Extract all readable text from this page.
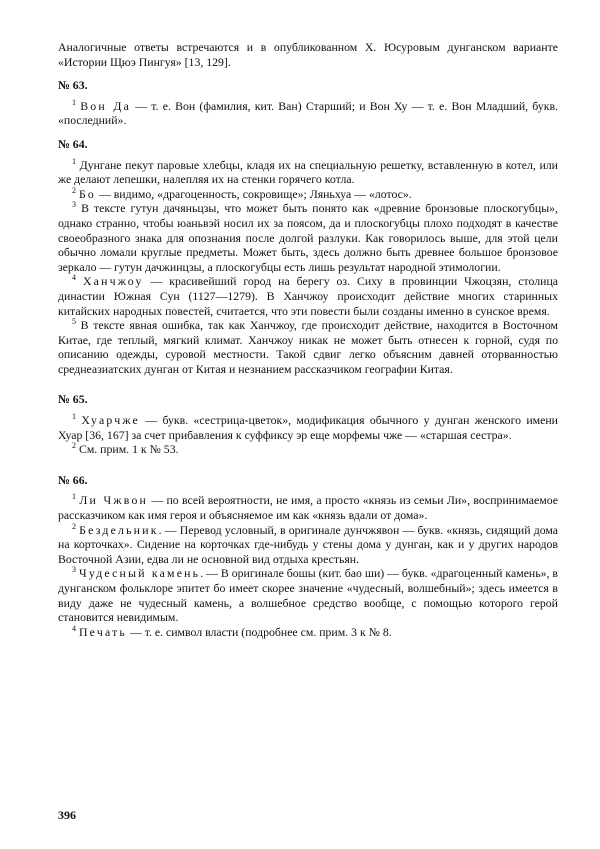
Аналогичные ответы встречаются и в опубликованном Х. Юсуровым дунганском варианте «Истории Щюэ Пингуя» [13, 129].

№ 63.

$^1$ Вон Да — т. е. Вон (фамилия, кит. Ван) Старший; и Вон Ху — т. е. Вон Младший, букв. «последний».

№ 64.

$^1$ Дунгане пекут паровые хлебцы, кладя их на специальную решетку, вставленную в котел, или же делают лепешки, налепляя их на стенки горячего котла.

$^2$ Бо — видимо, «драгоценность, сокровище»; Ляньхуа — «лотос».

$^3$ В тексте гутун дачяньцзы, что может быть понято как «древние бронзовые плоскогубцы», однако странно, чтобы юаньвэй носил их за поясом, да и плоскогубцы плохо подходят в качестве своеобразного знака для опознания после долгой разлуки. Как говорилось выше, для этой цели обычно ломали круглые предметы. Может быть, здесь должно быть древнее большое бронзовое зеркало — гутун дачжинцзы, а плоскогубцы есть лишь результат народной этимологии.

$^4$ Ханчжоу — красивейший город на берегу оз. Сиху в провинции Чжоцзян, столица династии Южная Сун (1127—1279). В Ханчжоу происходит действие многих старинных китайских народных повестей, считается, что эти повести были созданы именно в сунское время.

$^5$ В тексте явная ошибка, так как Ханчжоу, где происходит действие, находится в Восточном Китае, где теплый, мягкий климат. Ханчжоу никак не может быть отнесен к горной, судя по описанию одежды, суровой местности. Такой сдвиг легко объясним давней оторванностью среднеазиатских дунган от Китая и незнанием рассказчиком географии Китая.

№ 65.

$^1$ Хуарчже — букв. «сестрица-цветок», модификация обычного у дунган женского имени Хуар [36, 167] за счет прибавления к суффиксу эр еще морфемы чже — «старшая сестра».

$^2$ См. прим. 1 к № 53.

№ 66.

$^1$ Ли Чжвон — по всей вероятности, не имя, а просто «князь из семьи Ли», воспринимаемое рассказчиком как имя героя и объясняемое им как «князь вдали от дома».

$^2$ Бездельник. — Перевод условный, в оригинале дунчжявон — букв. «князь, сидящий дома на корточках». Сидение на корточках где-нибудь у стены дома у дунган, как и у других народов Восточной Азии, едва ли не основной вид отдыха крестьян.

$^3$ Чудесный камень. — В оригинале бошы (кит. бао ши) — букв. «драгоценный камень», в дунганском фольклоре эпитет бо имеет скорее значение «чудесный, волшебный»; здесь имеется в виду даже не чудесный камень, а волшебное средство вообще, с помощью которого герой становится невидимым.

$^4$ Печать — т. е. символ власти (подробнее см. прим. 3 к № 8.

396
